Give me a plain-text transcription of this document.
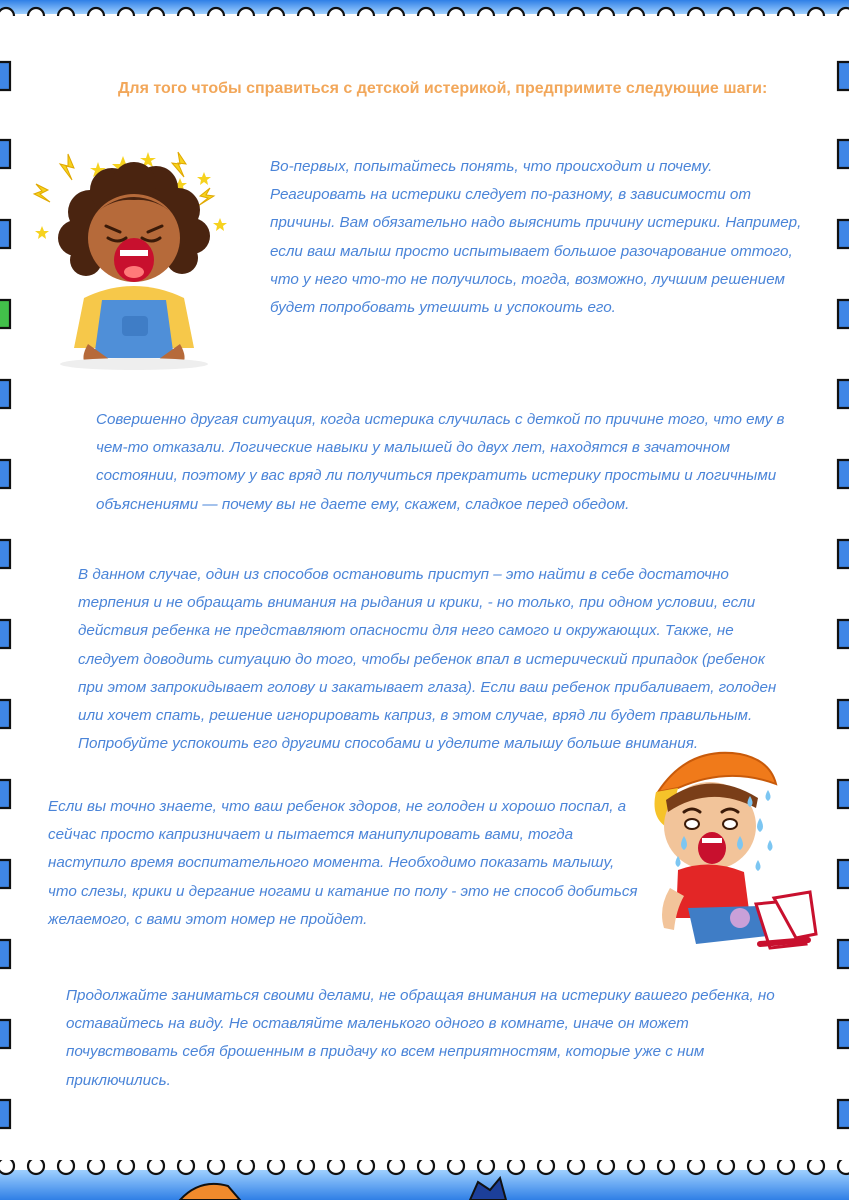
Для того чтобы справиться с детской истерикой, предпримите следующие шаги:

Во-первых, попытайтесь понять, что происходит и почему. Реагировать на истерики следует по-разному, в зависимости от причины. Вам обязательно надо выяснить причину истерики. Например, если ваш малыш просто испытывает большое разочарование оттого, что у него что-то не получилось, тогда, возможно, лучшим решением будет попробовать утешить и успокоить его.

Совершенно другая ситуация, когда истерика случилась с деткой по причине того, что ему в чем-то отказали. Логические навыки у малышей до двух лет, находятся в зачаточном состоянии, поэтому у вас вряд ли получиться прекратить истерику простыми и логичными объяснениями — почему вы не даете ему, скажем, сладкое перед обедом.

В данном случае, один из способов остановить приступ – это найти в себе достаточно терпения и не обращать внимания на рыдания и крики, - но только, при одном условии, если действия ребенка не представляют опасности для него самого и окружающих. Также, не следует доводить ситуацию до того, чтобы ребенок впал в истерический припадок (ребенок при этом запрокидывает голову и закатывает глаза). Если ваш ребенок прибаливает, голоден или хочет спать, решение игнорировать каприз, в этом случае, вряд ли будет правильным. Попробуйте успокоить его другими способами и уделите малышу больше внимания.

Если вы точно знаете, что ваш ребенок здоров, не голоден и хорошо поспал, а сейчас просто капризничает и пытается манипулировать вами, тогда наступило время воспитательного момента. Необходимо показать малышу, что слезы, крики и дергание ногами и катание по полу - это не способ добиться желаемого, с вами этот номер не пройдет.

Продолжайте заниматься своими делами, не обращая внимания на истерику вашего ребенка, но оставайтесь на виду. Не оставляйте маленького одного в комнате, иначе он может почувствовать себя брошенным в придачу ко всем неприятностям, которые уже с ним приключились.
